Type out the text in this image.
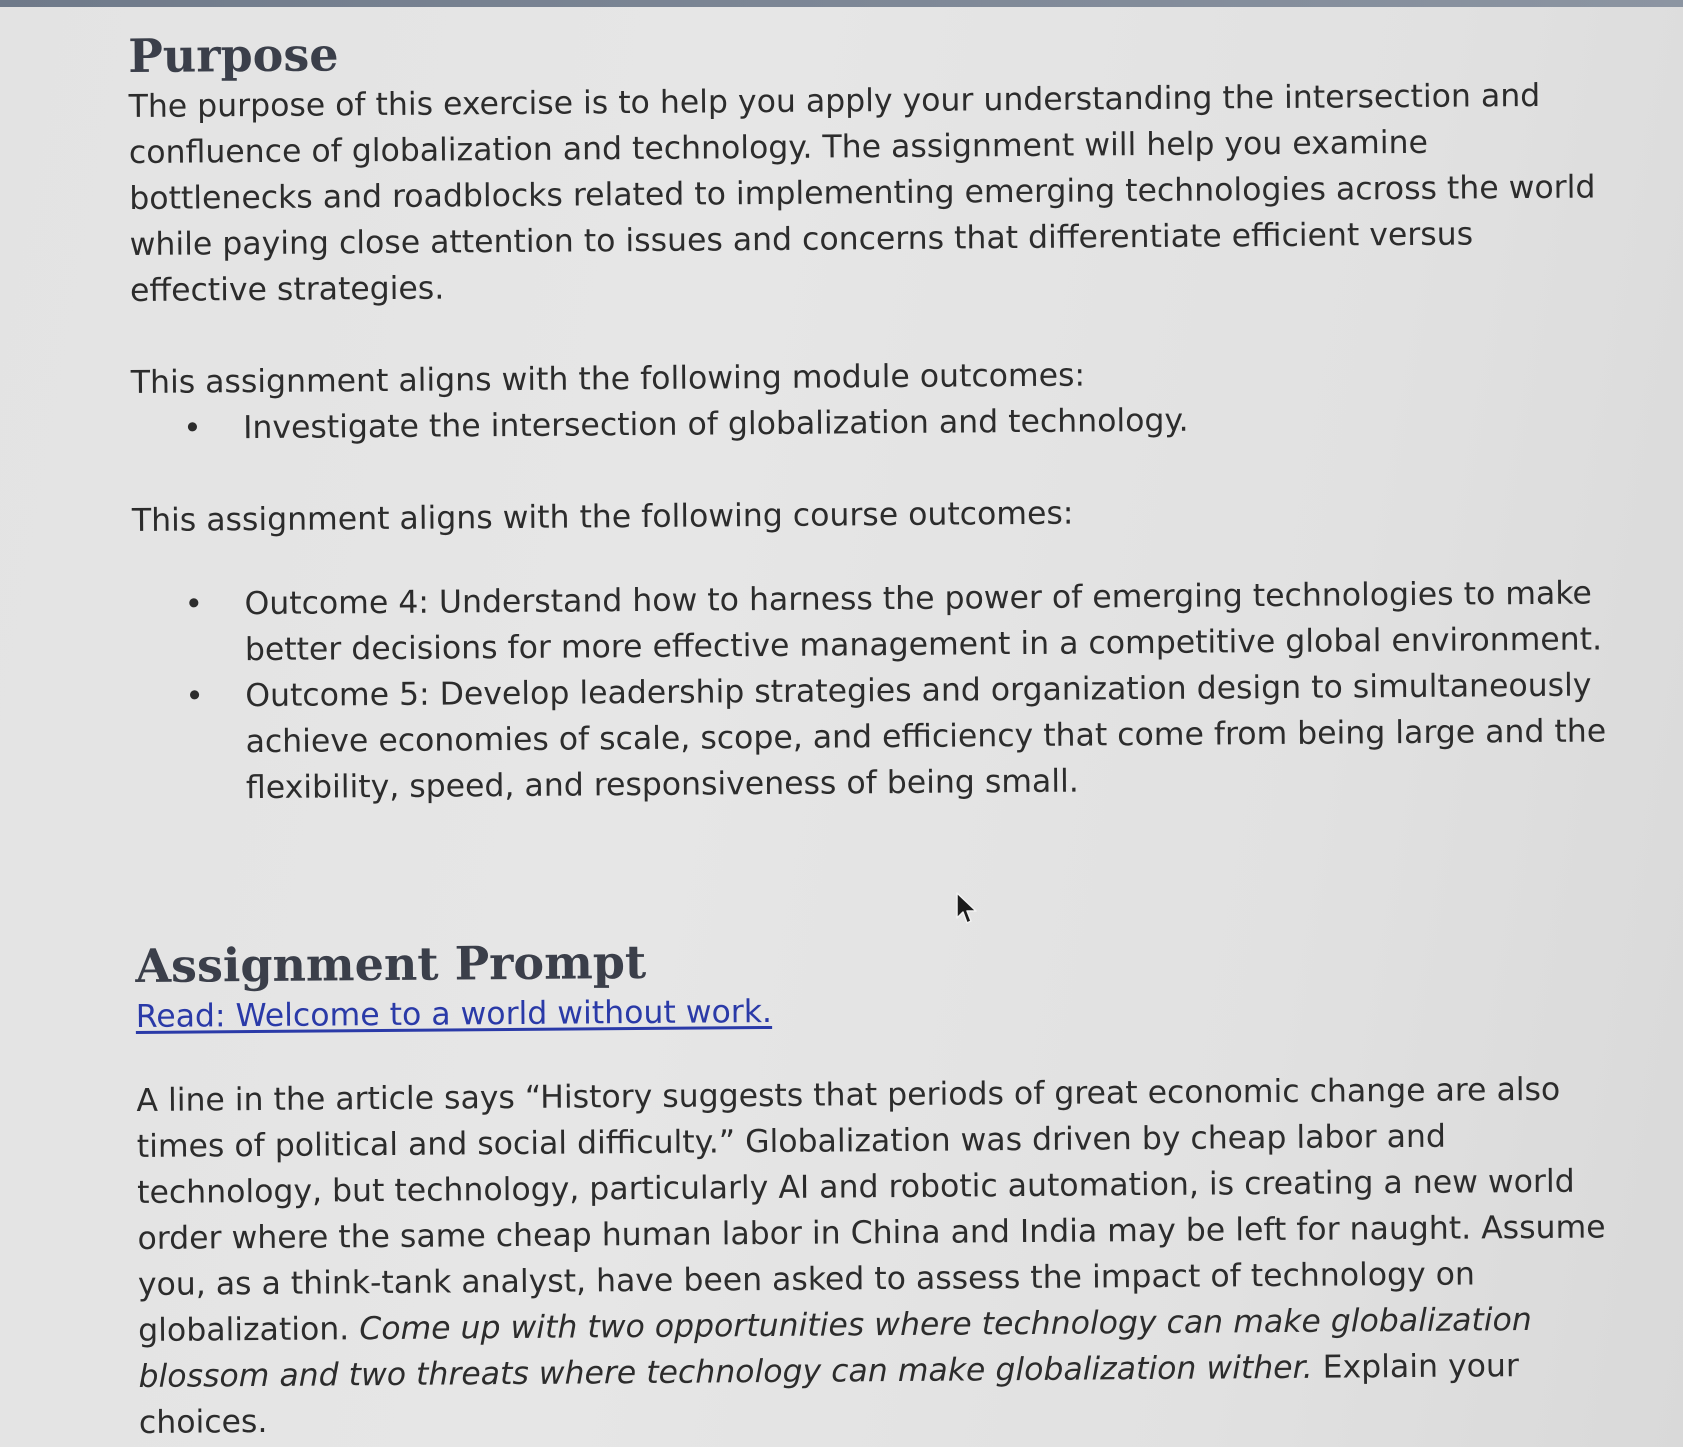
Purpose

The purpose of this exercise is to help you apply your understanding the intersection and confluence of globalization and technology. The assignment will help you examine bottlenecks and roadblocks related to implementing emerging technologies across the world while paying close attention to issues and concerns that differentiate efficient versus effective strategies.

This assignment aligns with the following module outcomes:

•	Investigate the intersection of globalization and technology.

This assignment aligns with the following course outcomes:

•	Outcome 4: Understand how to harness the power of emerging technologies to make better decisions for more effective management in a competitive global environment.
•	Outcome 5: Develop leadership strategies and organization design to simultaneously achieve economies of scale, scope, and efficiency that come from being large and the flexibility, speed, and responsiveness of being small.
Assignment Prompt
Read: Welcome to a world without work.

A line in the article says “History suggests that periods of great economic change are also times of political and social difficulty.” Globalization was driven by cheap labor and technology, but technology, particularly AI and robotic automation, is creating a new world order where the same cheap human labor in China and India may be left for naught. Assume you, as a think-tank analyst, have been asked to assess the impact of technology on globalization. Come up with two opportunities where technology can make globalization blossom and two threats where technology can make globalization wither. Explain your choices.
